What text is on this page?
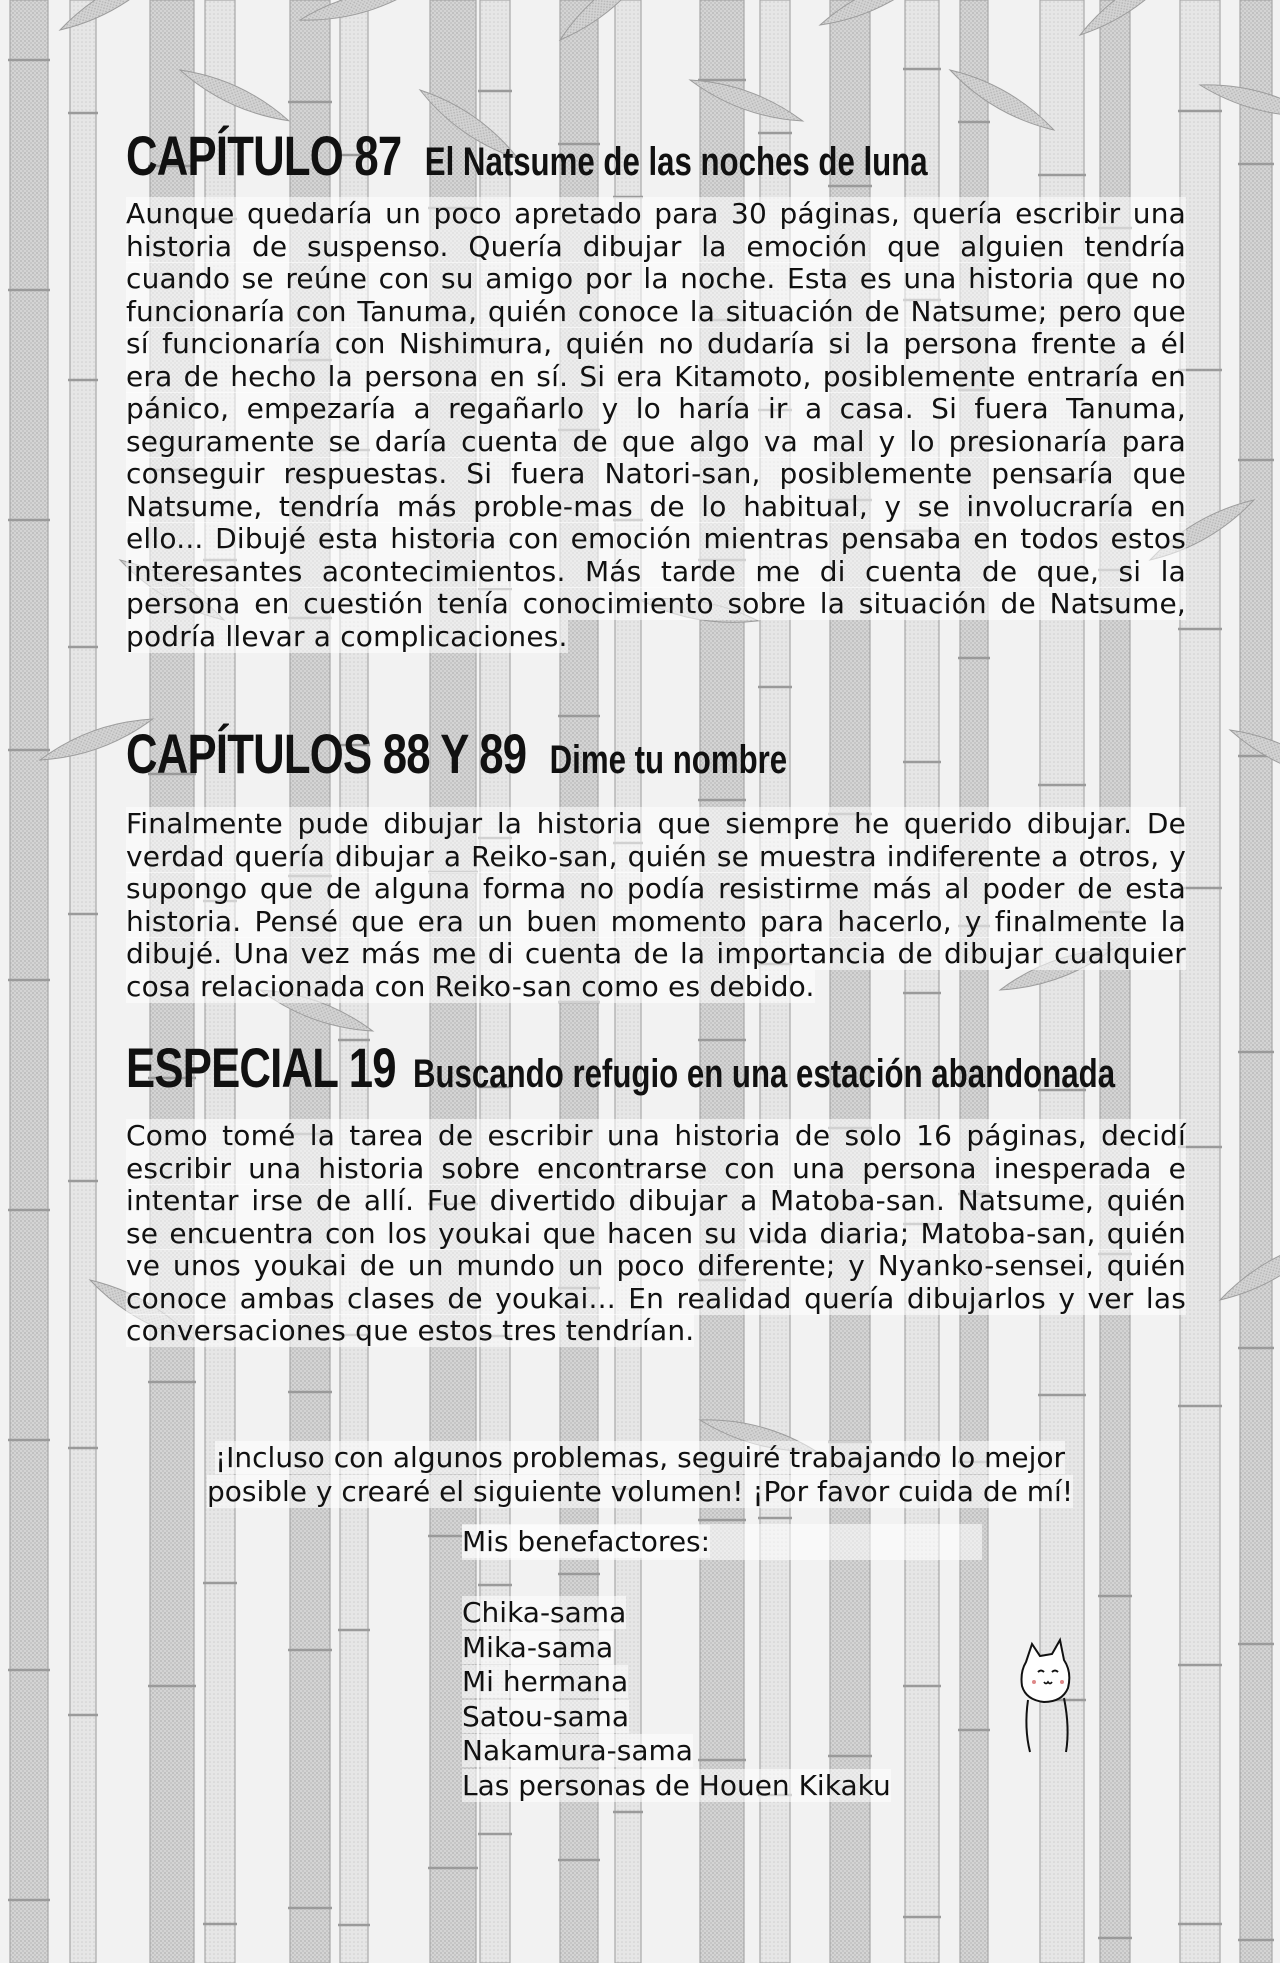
CAPÍTULO 87 El Natsume de las noches de luna

Aunque quedaría un poco apretado para 30 páginas, quería escribir una historia de suspenso. Quería dibujar la emoción que alguien tendría cuando se reúne con su amigo por la noche. Esta es una historia que no funcionaría con Tanuma, quién conoce la situación de Natsume; pero que sí funcionaría con Nishimura, quién no dudaría si la persona frente a él era de hecho la persona en sí. Si era Kitamoto, posiblemente entraría en pánico, empezaría a regañarlo y lo haría ir a casa. Si fuera Tanuma, seguramente se daría cuenta de que algo va mal y lo presionaría para conseguir respuestas. Si fuera Natori-san, posiblemente pensaría que Natsume, tendría más proble-mas de lo habitual, y se involucraría en ello... Dibujé esta historia con emoción mientras pensaba en todos estos interesantes acontecimientos. Más tarde me di cuenta de que, si la persona en cuestión tenía conocimiento sobre la situación de Natsume, podría llevar a complicaciones.

CAPÍTULOS 88 Y 89 Dime tu nombre

Finalmente pude dibujar la historia que siempre he querido dibujar. De verdad quería dibujar a Reiko-san, quién se muestra indiferente a otros, y supongo que de alguna forma no podía resistirme más al poder de esta historia. Pensé que era un buen momento para hacerlo, y finalmente la dibujé. Una vez más me di cuenta de la importancia de dibujar cualquier cosa relacionada con Reiko-san como es debido.

ESPECIAL 19 Buscando refugio en una estación abandonada

Como tomé la tarea de escribir una historia de solo 16 páginas, decidí escribir una historia sobre encontrarse con una persona inesperada e intentar irse de allí. Fue divertido dibujar a Matoba-san. Natsume, quién se encuentra con los youkai que hacen su vida diaria; Matoba-san, quién ve unos youkai de un mundo un poco diferente; y Nyanko-sensei, quién conoce ambas clases de youkai... En realidad quería dibujarlos y ver las conversaciones que estos tres tendrían.

¡Incluso con algunos problemas, seguiré trabajando lo mejor
posible y crearé el siguiente volumen! ¡Por favor cuida de mí!

Mis benefactores:
Chika-sama
Mika-sama
Mi hermana
Satou-sama
Nakamura-sama
Las personas de Houen Kikaku
